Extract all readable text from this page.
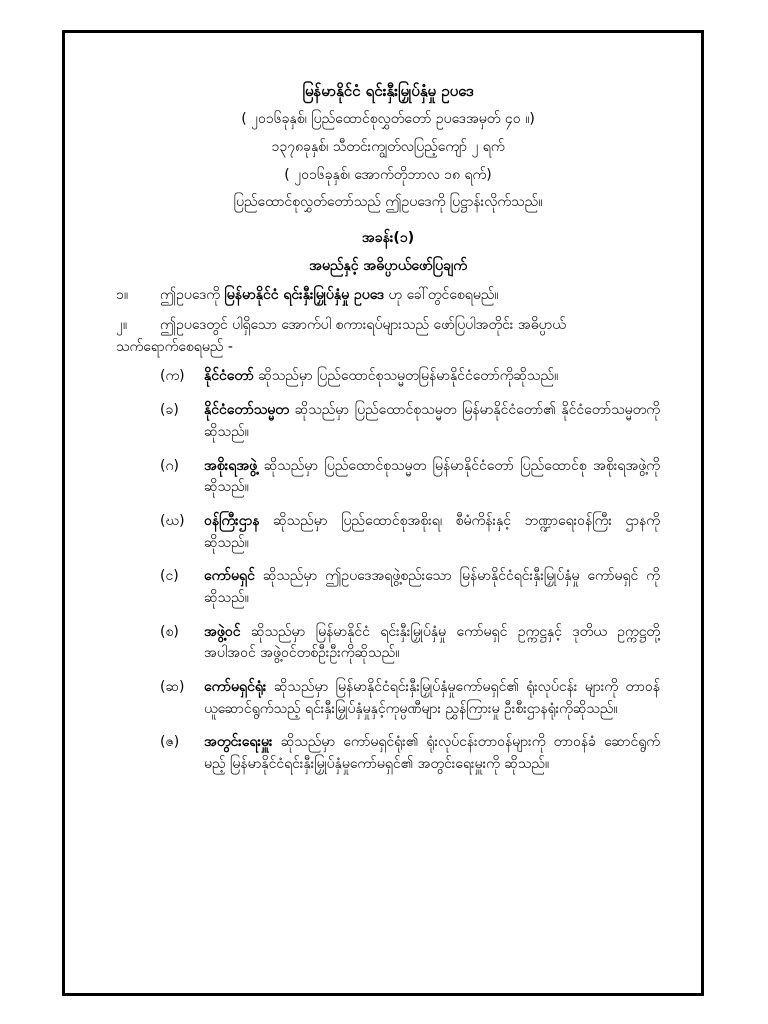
မြန်မာနိုင်ငံ ရင်းနှီးမြှုပ်နှံမှု ဥပဒေ
( ၂၀၁၆ခုနှစ်၊ ပြည်ထောင်စုလွှတ်တော် ဥပဒေအမှတ် ၄၀ ။)
၁၃၇၈ခုနှစ်၊ သီတင်းကျွတ်လပြည့်ကျော် ၂ ရက်
( ၂၀၁၆ခုနှစ်၊ အောက်တိုဘာလ ၁၈ ရက်)
ပြည်ထောင်စုလွှတ်တော်သည် ဤဥပဒေကို ပြဋ္ဌာန်းလိုက်သည်။
အခန်း(၁)
အမည်နှင့် အဓိပ္ပာယ်ဖော်ပြချက်
၁။	ဤဥပဒေကို မြန်မာနိုင်ငံ ရင်းနှီးမြှုပ်နှံမှု ဥပဒေ ဟု ခေါ်တွင်စေရမည်။
၂။	ဤဥပဒေတွင် ပါရှိသော အောက်ပါ စကားရပ်များသည် ဖော်ပြပါအတိုင်း အဓိပ္ပာယ်
သက်ရောက်စေရမည် -
(က)	နိုင်ငံတော် ဆိုသည်မှာ ပြည်ထောင်စုသမ္မတမြန်မာနိုင်ငံတော်ကိုဆိုသည်။
(ခ)	နိုင်ငံတော်သမ္မတ ဆိုသည်မှာ ပြည်ထောင်စုသမ္မတ မြန်မာနိုင်ငံတော်၏ နိုင်ငံတော်သမ္မတကိုဆိုသည်။
(ဂ)	အစိုးရအဖွဲ့ ဆိုသည်မှာ ပြည်ထောင်စုသမ္မတ မြန်မာနိုင်ငံတော် ပြည်ထောင်စု အစိုးရအဖွဲ့ကိုဆိုသည်။
(ဃ)	ဝန်ကြီးဌာန ဆိုသည်မှာ ပြည်ထောင်စုအစိုးရ၊ စီမံကိန်းနှင့် ဘဏ္ဍာရေးဝန်ကြီး ဌာနကို ဆိုသည်။
(င)	ကော်မရှင် ဆိုသည်မှာ ဤဥပဒေအရဖွဲ့စည်းသော မြန်မာနိုင်ငံရင်းနှီးမြှုပ်နှံမှု ကော်မရှင် ကိုဆိုသည်။
(စ)	အဖွဲ့ဝင် ဆိုသည်မှာ မြန်မာနိုင်ငံ ရင်းနှီးမြှုပ်နှံမှု ကော်မရှင် ဥက္ကဋ္ဌနှင့် ဒုတိယ ဥက္ကဋ္ဌတို့အပါအဝင် အဖွဲ့ဝင်တစ်ဦးဦးကိုဆိုသည်။
(ဆ)	ကော်မရှင်ရုံး ဆိုသည်မှာ မြန်မာနိုင်ငံရင်းနှီးမြှုပ်နှံမှုကော်မရှင်၏ ရုံးလုပ်ငန်း များကို တာဝန်ယူဆောင်ရွက်သည့် ရင်းနှီးမြှုပ်နှံမှုနှင့်ကုမ္ပဏီများ ညွှန်ကြားမှု ဦးစီးဌာနရုံးကိုဆိုသည်။
(ဇ)	အတွင်းရေးမှူး ဆိုသည်မှာ ကော်မရှင်ရုံး၏ ရုံးလုပ်ငန်းတာဝန်များကို တာဝန်ခံ ဆောင်ရွက်မည့် မြန်မာနိုင်ငံရင်းနှီးမြှုပ်နှံမှုကော်မရှင်၏ အတွင်းရေးမှူးကို ဆိုသည်။
